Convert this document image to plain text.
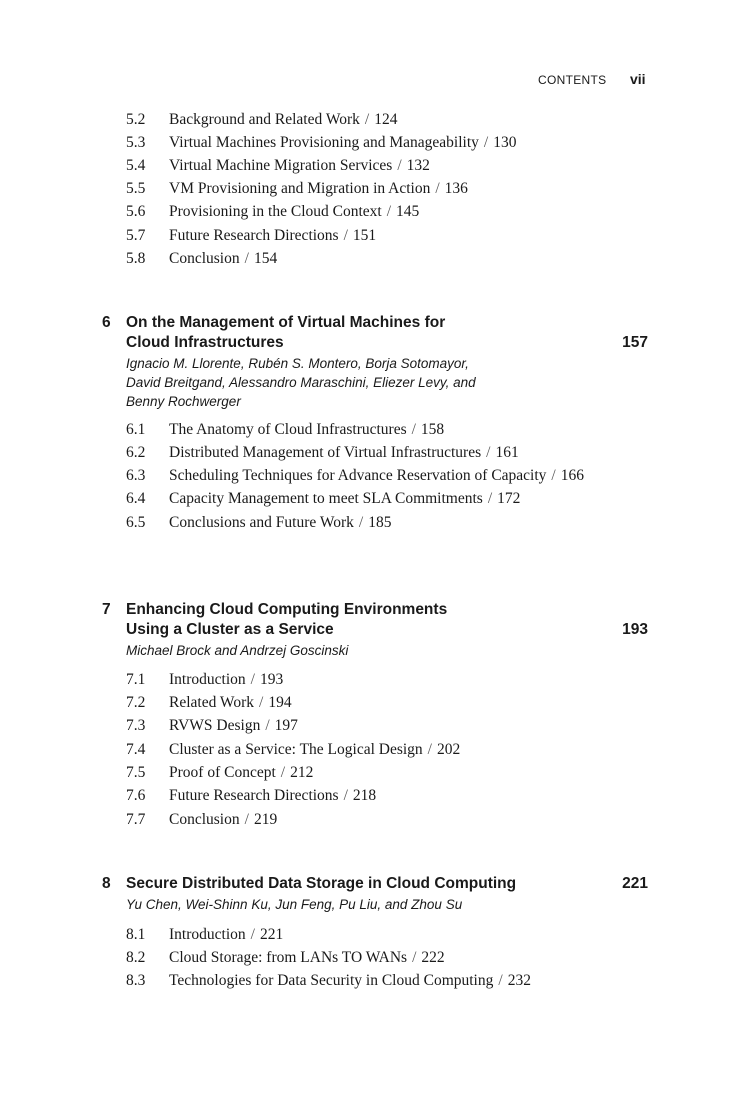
CONTENTS vii
5.2 Background and Related Work / 124
5.3 Virtual Machines Provisioning and Manageability / 130
5.4 Virtual Machine Migration Services / 132
5.5 VM Provisioning and Migration in Action / 136
5.6 Provisioning in the Cloud Context / 145
5.7 Future Research Directions / 151
5.8 Conclusion / 154
6 On the Management of Virtual Machines for
Cloud Infrastructures	157
Ignacio M. Llorente, Rubén S. Montero, Borja Sotomayor,
David Breitgand, Alessandro Maraschini, Eliezer Levy, and
Benny Rochwerger
6.1 The Anatomy of Cloud Infrastructures / 158
6.2 Distributed Management of Virtual Infrastructures / 161
6.3 Scheduling Techniques for Advance Reservation of Capacity / 166
6.4 Capacity Management to meet SLA Commitments / 172
6.5 Conclusions and Future Work / 185
7 Enhancing Cloud Computing Environments
Using a Cluster as a Service	193
Michael Brock and Andrzej Goscinski
7.1 Introduction / 193
7.2 Related Work / 194
7.3 RVWS Design / 197
7.4 Cluster as a Service: The Logical Design / 202
7.5 Proof of Concept / 212
7.6 Future Research Directions / 218
7.7 Conclusion / 219
8 Secure Distributed Data Storage in Cloud Computing	221
Yu Chen, Wei-Shinn Ku, Jun Feng, Pu Liu, and Zhou Su
8.1 Introduction / 221
8.2 Cloud Storage: from LANs TO WANs / 222
8.3 Technologies for Data Security in Cloud Computing / 232
